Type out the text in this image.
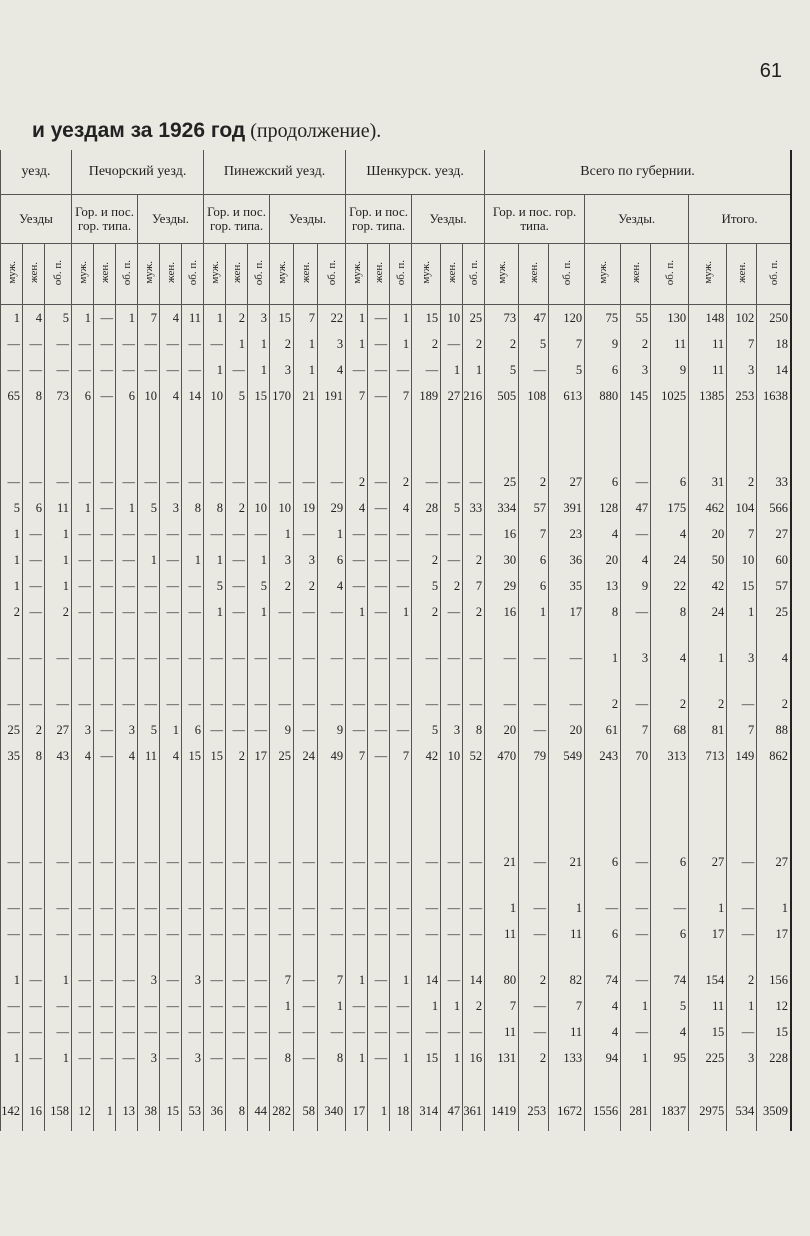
61
и уездам за 1926 год (продолжение).
уезд.			Печорский уезд.						Пинежский уезд.						Шенкурск. уезд.						Всего по губернии.								
Уезды			Гор. и пос. гор. типа.			Уезды.			Гор. и пос. гор. типа.			Уезды.			Гор. и пос. гор. типа.			Уезды.			Гор. и пос. гор. типа.			Уезды.			Итого.		
муж.	жен.	об. п.	муж.	жен.	об. п.	муж.	жен.	об. п.	муж.	жен.	об. п.	муж.	жен.	об. п.	муж.	жен.	об. п.	муж.	жен.	об. п.	муж.	жен.	об. п.	муж.	жен.	об. п.	муж.	жен.	об. п.
1	4	5	1	—	1	7	4	11	1	2	3	15	7	22	1	—	1	15	10	25	73	47	120	75	55	130	148	102	250
—	—	—	—	—	—	—	—	—	—	1	1	2	1	3	1	—	1	2	—	2	2	5	7	9	2	11	11	7	18
—	—	—	—	—	—	—	—	—	1	—	1	3	1	4	—	—	—	—	1	1	5	—	5	6	3	9	11	3	14
65	8	73	6	—	6	10	4	14	10	5	15	170	21	191	7	—	7	189	27	216	505	108	613	880	145	1025	1385	253	1638

—	—	—	—	—	—	—	—	—	—	—	—	—	—	—	2	—	2	—	—	—	25	2	27	6	—	6	31	2	33
5	6	11	1	—	1	5	3	8	8	2	10	10	19	29	4	—	4	28	5	33	334	57	391	128	47	175	462	104	566
1	—	1	—	—	—	—	—	—	—	—	—	1	—	1	—	—	—	—	—	—	16	7	23	4	—	4	20	7	27
1	—	1	—	—	—	1	—	1	1	—	1	3	3	6	—	—	—	2	—	2	30	6	36	20	4	24	50	10	60
1	—	1	—	—	—	—	—	—	5	—	5	2	2	4	—	—	—	5	2	7	29	6	35	13	9	22	42	15	57
2	—	2	—	—	—	—	—	—	1	—	1	—	—	—	1	—	1	2	—	2	16	1	17	8	—	8	24	1	25

—	—	—	—	—	—	—	—	—	—	—	—	—	—	—	—	—	—	—	—	—	—	—	—	1	3	4	1	3	4

—	—	—	—	—	—	—	—	—	—	—	—	—	—	—	—	—	—	—	—	—	—	—	—	2	—	2	2	—	2
25	2	27	3	—	3	5	1	6	—	—	—	9	—	9	—	—	—	5	3	8	20	—	20	61	7	68	81	7	88
35	8	43	4	—	4	11	4	15	15	2	17	25	24	49	7	—	7	42	10	52	470	79	549	243	70	313	713	149	862

—	—	—	—	—	—	—	—	—	—	—	—	—	—	—	—	—	—	—	—	—	21	—	21	6	—	6	27	—	27

—	—	—	—	—	—	—	—	—	—	—	—	—	—	—	—	—	—	—	—	—	1	—	1	—	—	—	1	—	1
—	—	—	—	—	—	—	—	—	—	—	—	—	—	—	—	—	—	—	—	—	11	—	11	6	—	6	17	—	17

1	—	1	—	—	—	3	—	3	—	—	—	7	—	7	1	—	1	14	—	14	80	2	82	74	—	74	154	2	156
—	—	—	—	—	—	—	—	—	—	—	—	1	—	1	—	—	—	1	1	2	7	—	7	4	1	5	11	1	12
—	—	—	—	—	—	—	—	—	—	—	—	—	—	—	—	—	—	—	—	—	11	—	11	4	—	4	15	—	15
1	—	1	—	—	—	3	—	3	—	—	—	8	—	8	1	—	1	15	1	16	131	2	133	94	1	95	225	3	228

142	16	158	12	1	13	38	15	53	36	8	44	282	58	340	17	1	18	314	47	361	1419	253	1672	1556	281	1837	2975	534	3509
